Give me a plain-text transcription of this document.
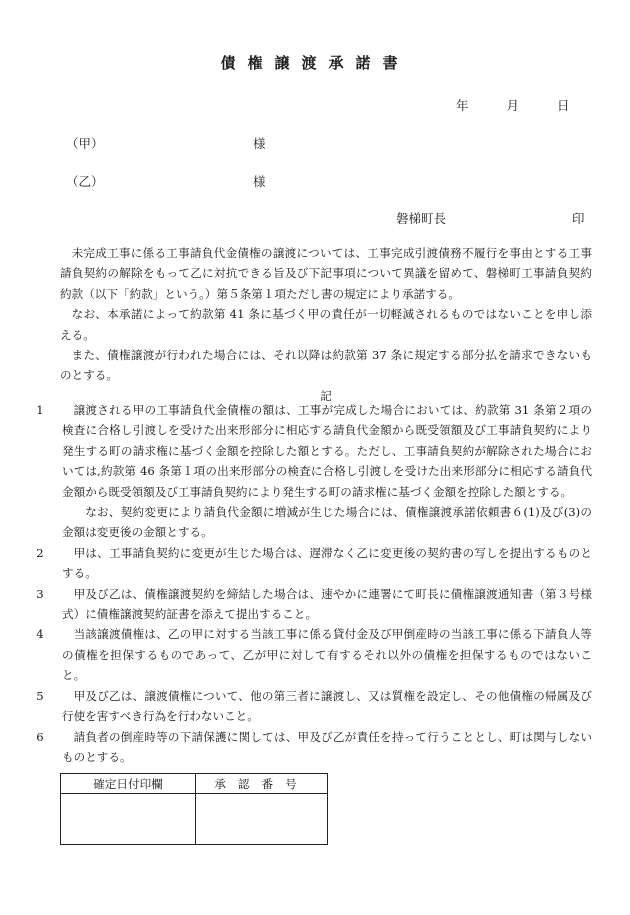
債権譲渡承諾書
年	月	日
（甲）	様
（乙）	様
磐梯町長	印

未完成工事に係る工事請負代金債権の譲渡については、工事完成引渡債務不履行を事由とする工事請負契約の解除をもって乙に対抗できる旨及び下記事項について異議を留めて、磐梯町工事請負契約約款（以下「約款」という。）第５条第１項ただし書の規定により承諾する。

なお、本承諾によって約款第 41 条に基づく甲の責任が一切軽減されるものではないことを申し添える。

また、債権譲渡が行われた場合には、それ以降は約款第 37 条に規定する部分払を請求できないものとする。

記

1	譲渡される甲の工事請負代金債権の額は、工事が完成した場合においては、約款第 31 条第２項の検査に合格し引渡しを受けた出来形部分に相応する請負代金額から既受領額及び工事請負契約により発生する町の請求権に基づく金額を控除した額とする。ただし、工事請負契約が解除された場合においては,約款第 46 条第１項の出来形部分の検査に合格し引渡しを受けた出来形部分に相応する請負代金額から既受領額及び工事請負契約により発生する町の請求権に基づく金額を控除した額とする。
なお、契約変更により請負代金額に増減が生じた場合には、債権譲渡承諾依頼書６(1)及び(3)の金額は変更後の金額とする。
2	甲は、工事請負契約に変更が生じた場合は、遅滞なく乙に変更後の契約書の写しを提出するものとする。
3	甲及び乙は、債権譲渡契約を締結した場合は、速やかに連署にて町長に債権譲渡通知書（第３号様式）に債権譲渡契約証書を添えて提出すること。
4	当該譲渡債権は、乙の甲に対する当該工事に係る貸付金及び甲倒産時の当該工事に係る下請負人等の債権を担保するものであって、乙が甲に対して有するそれ以外の債権を担保するものではないこと。
5	甲及び乙は、譲渡債権について、他の第三者に譲渡し、又は質権を設定し、その他債権の帰属及び行使を害すべき行為を行わないこと。
6	請負者の倒産時等の下請保護に関しては、甲及び乙が責任を持って行うこととし、町は関与しないものとする。
確定日付印欄	承認番号
